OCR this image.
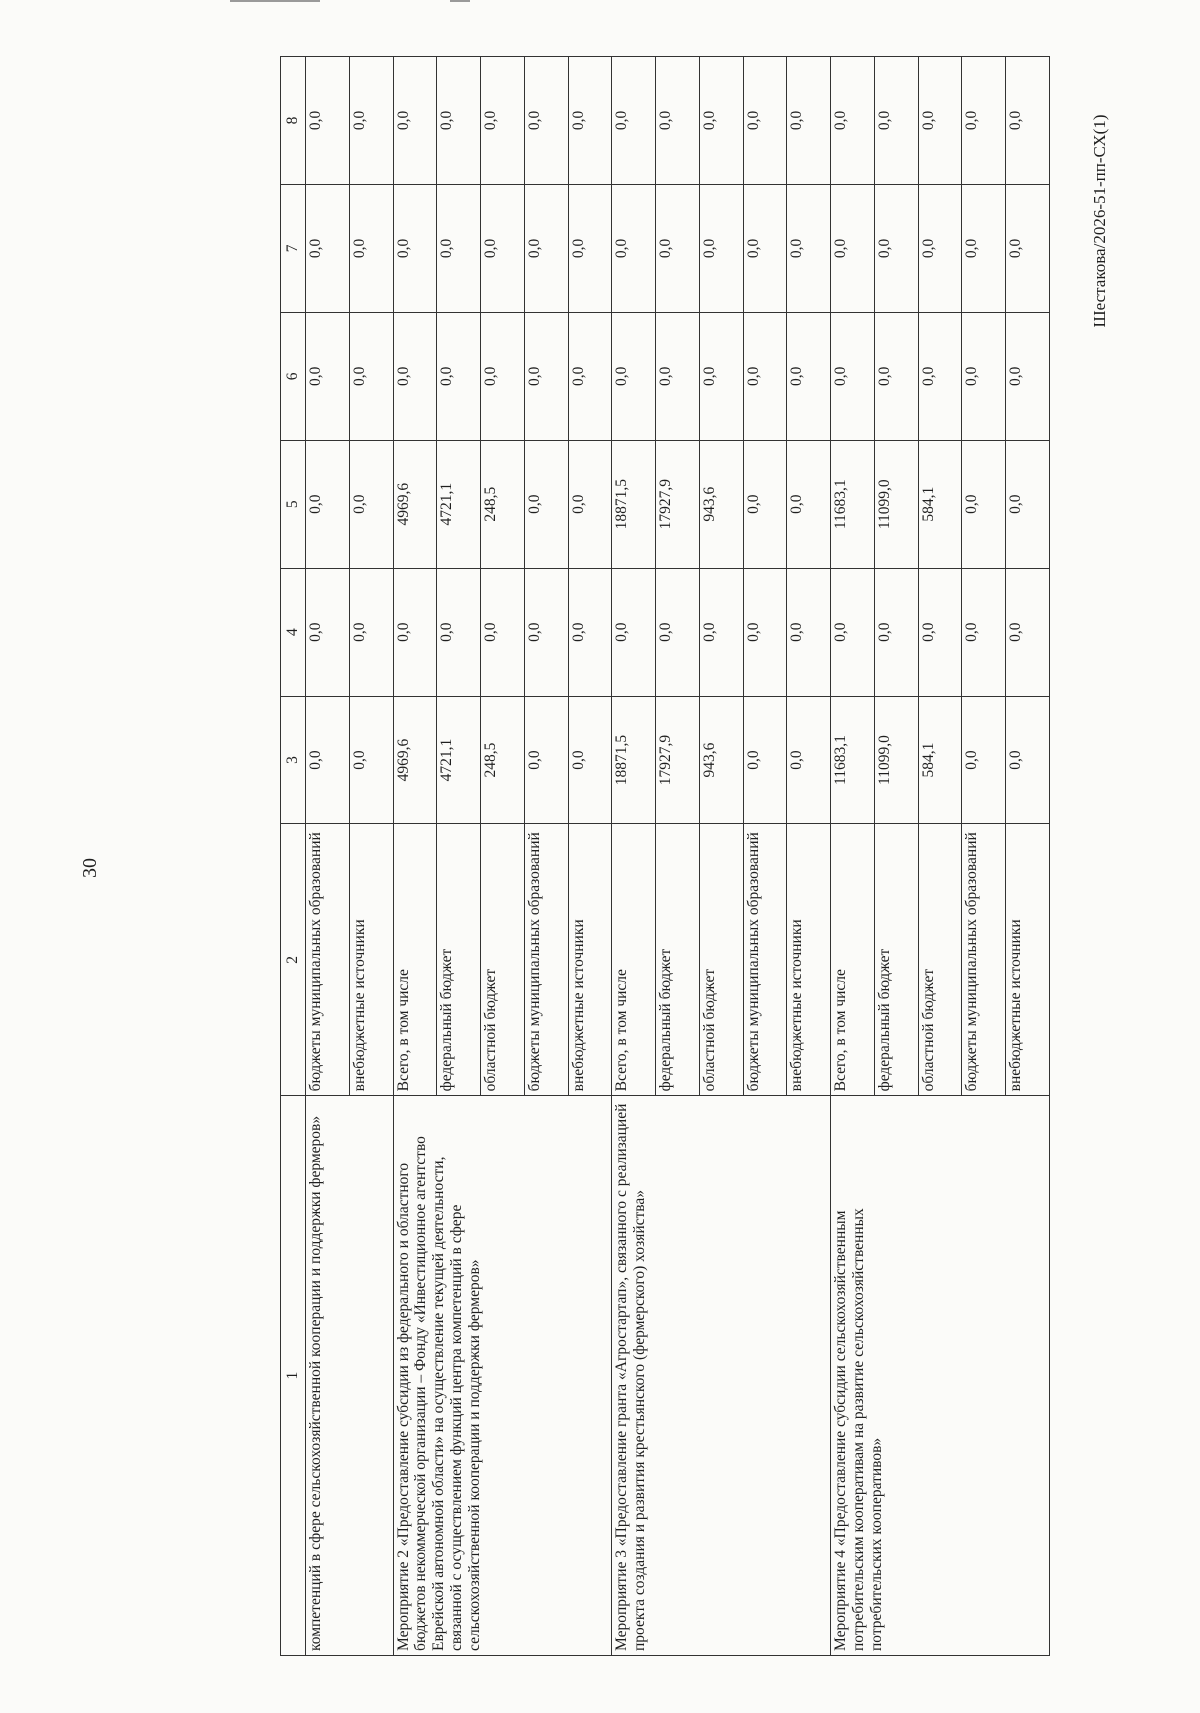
30
Шестакова/2026-51-пп-СХ(1)
1	2	3	4	5	6	7	8
компетенций в сфере сельскохозяйственной кооперации и поддержки фермеров»	бюджеты муниципальных образований	0,0	0,0	0,0	0,0	0,0	0,0
	внебюджетные источники	0,0	0,0	0,0	0,0	0,0	0,0
Мероприятие 2 «Предоставление субсидии из федерального и областного бюджетов некоммерческой организации – Фонду «Инвестиционное агентство Еврейской автономной области» на осуществление текущей деятельности, связанной с осуществлением функций центра компетенций в сфере сельскохозяйственной кооперации и поддержки фермеров»	Всего, в том числе	4969,6	0,0	4969,6	0,0	0,0	0,0
	федеральный бюджет	4721,1	0,0	4721,1	0,0	0,0	0,0
	областной бюджет	248,5	0,0	248,5	0,0	0,0	0,0
	бюджеты муниципальных образований	0,0	0,0	0,0	0,0	0,0	0,0
	внебюджетные источники	0,0	0,0	0,0	0,0	0,0	0,0
Мероприятие 3 «Предоставление гранта «Агростартап», связанного с реализацией проекта создания и развития крестьянского (фермерского) хозяйства»	Всего, в том числе	18871,5	0,0	18871,5	0,0	0,0	0,0
	федеральный бюджет	17927,9	0,0	17927,9	0,0	0,0	0,0
	областной бюджет	943,6	0,0	943,6	0,0	0,0	0,0
	бюджеты муниципальных образований	0,0	0,0	0,0	0,0	0,0	0,0
	внебюджетные источники	0,0	0,0	0,0	0,0	0,0	0,0
Мероприятие 4 «Предоставление субсидии сельскохозяйственным потребительским кооперативам на развитие сельскохозяйственных потребительских кооперативов»	Всего, в том числе	11683,1	0,0	11683,1	0,0	0,0	0,0
	федеральный бюджет	11099,0	0,0	11099,0	0,0	0,0	0,0
	областной бюджет	584,1	0,0	584,1	0,0	0,0	0,0
	бюджеты муниципальных образований	0,0	0,0	0,0	0,0	0,0	0,0
	внебюджетные источники	0,0	0,0	0,0	0,0	0,0	0,0
